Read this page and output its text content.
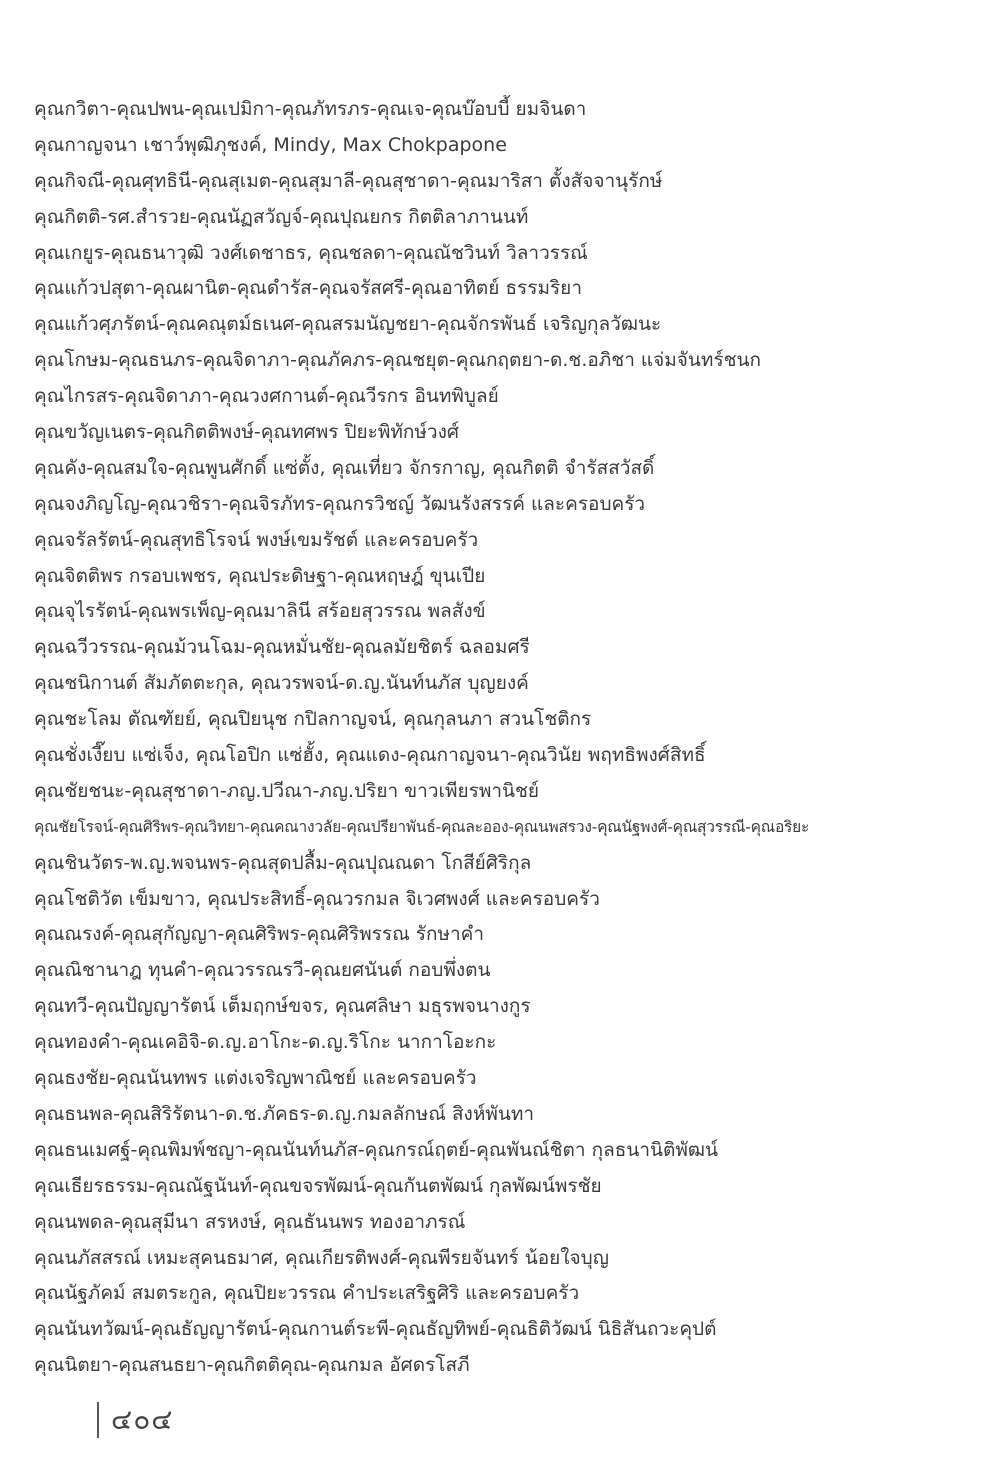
คุณกวิตา-คุณปพน-คุณเปมิกา-คุณภัทรภร-คุณเจ-คุณบ๊อบบี้ ยมจินดา
คุณกาญจนา เชาว์พุฒิภุชงค์, Mindy, Max Chokpapone
คุณกิจณี-คุณศุทธินี-คุณสุเมต-คุณสุมาลี-คุณสุชาดา-คุณมาริสา ตั้งสัจจานุรักษ์
คุณกิตติ-รศ.สำรวย-คุณนัฏสวัญจ์-คุณปุณยกร กิตติลาภานนท์
คุณเกยูร-คุณธนาวุฒิ วงศ์เดชาธร, คุณชลดา-คุณณัชวินท์ วิลาวรรณ์
คุณแก้วปสุตา-คุณผานิต-คุณดำรัส-คุณจรัสศรี-คุณอาทิตย์ ธรรมริยา
คุณแก้วศุภรัตน์-คุณคณุตม์ธเนศ-คุณสรมนัญชยา-คุณจักรพันธ์ เจริญกุลวัฒนะ
คุณโกษม-คุณธนภร-คุณจิดาภา-คุณภัคภร-คุณชยุต-คุณกฤตยา-ด.ช.อภิชา แจ่มจันทร์ชนก
คุณไกรสร-คุณจิดาภา-คุณวงศกานต์-คุณวีรกร อินทพิบูลย์
คุณขวัญเนตร-คุณกิตติพงษ์-คุณทศพร ปิยะพิทักษ์วงศ์
คุณคัง-คุณสมใจ-คุณพูนศักดิ์ แซ่ตั้ง, คุณเที่ยว จักรกาญ, คุณกิตติ จำรัสสวัสดิ์
คุณจงภิญโญ-คุณวชิรา-คุณจิรภัทร-คุณกรวิชญ์ วัฒนรังสรรค์ และครอบครัว
คุณจรัลรัตน์-คุณสุทธิโรจน์ พงษ์เขมรัชต์ และครอบครัว
คุณจิตติพร กรอบเพชร, คุณประดิษฐา-คุณหฤษฎ์ ขุนเปีย
คุณจุไรรัตน์-คุณพรเพ็ญ-คุณมาลินี สร้อยสุวรรณ พลสังข์
คุณฉวีวรรณ-คุณม้วนโฉม-คุณหมั่นชัย-คุณลมัยชิตร์ ฉลอมศรี
คุณชนิกานต์ สัมภัตตะกุล, คุณวรพจน์-ด.ญ.นันท์นภัส บุญยงค์
คุณชะโลม ตัณฑัยย์, คุณปิยนุช กปิลกาญจน์, คุณกุลนภา สวนโชติกร
คุณชั่งเงี๊ยบ แซ่เจ็ง, คุณโอปิก แซ่ฮั้ง, คุณแดง-คุณกาญจนา-คุณวินัย พฤทธิพงศ์สิทธิ์
คุณชัยชนะ-คุณสุชาดา-ภญ.ปวีณา-ภญ.ปริยา ขาวเพียรพานิชย์
คุณชัยโรจน์-คุณศิริพร-คุณวิทยา-คุณคณางวลัย-คุณปรียาพันธ์-คุณละออง-คุณนพสรวง-คุณนัฐพงศ์-คุณสุวรรณี-คุณอริยะ
คุณชินวัตร-พ.ญ.พจนพร-คุณสุดปลื้ม-คุณปุณณดา โกสีย์ศิริกุล
คุณโชติวัต เข็มขาว, คุณประสิทธิ์-คุณวรกมล จิเวศพงศ์ และครอบครัว
คุณณรงค์-คุณสุกัญญา-คุณศิริพร-คุณศิริพรรณ รักษาคำ
คุณณิชานาฎ ทุนคำ-คุณวรรณรวี-คุณยศนันต์ กอบพึ่งตน
คุณทวี-คุณปัญญารัตน์ เต็มฤกษ์ขจร, คุณศลิษา มธุรพจนางกูร
คุณทองคำ-คุณเคอิจิ-ด.ญ.อาโกะ-ด.ญ.ริโกะ นากาโอะกะ
คุณธงชัย-คุณนันทพร แต่งเจริญพาณิชย์ และครอบครัว
คุณธนพล-คุณสิริรัตนา-ด.ช.ภัคธร-ด.ญ.กมลลักษณ์ สิงห์พันทา
คุณธนเมศฐ์-คุณพิมพ์ชญา-คุณนันท์นภัส-คุณกรณ์ฤตย์-คุณพันณ์ชิตา กุลธนานิติพัฒน์
คุณเธียรธรรม-คุณณัฐนันท์-คุณขจรพัฒน์-คุณกันตพัฒน์ กุลพัฒน์พรชัย
คุณนพดล-คุณสุมีนา สรหงษ์, คุณธันนพร ทองอาภรณ์
คุณนภัสสรณ์ เหมะสุคนธมาศ, คุณเกียรติพงศ์-คุณพีรยจันทร์ น้อยใจบุญ
คุณนัฐภัคม์ สมตระกูล, คุณปิยะวรรณ คำประเสริฐศิริ และครอบครัว
คุณนันทวัฒน์-คุณธัญญารัตน์-คุณกานต์ระพี-คุณธัญทิพย์-คุณธิติวัฒน์ นิธิสันถวะคุปต์
คุณนิตยา-คุณสนธยา-คุณกิตติคุณ-คุณกมล อัศดรโสภี
๔๐๔
